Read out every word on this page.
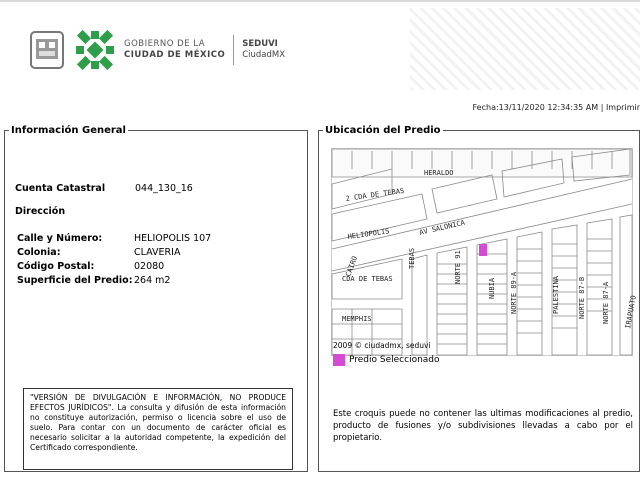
GOBIERNO DE LA
CIUDAD DE MÉXICO
SEDUVI
CiudadMX
Fecha:13/11/2020 12:34:35 AM | Imprimir
Información General
Cuenta Catastral	044_130_16
Dirección
Calle y Número:	HELIOPOLIS 107
Colonia:	CLAVERIA
Código Postal:	02080
Superficie del Predio: 264 m2
"VERSIÓN DE DIVULGACIÓN E INFORMACIÓN, NO PRODUCE EFECTOS JURÍDICOS". La consulta y difusión de esta información no constituye autorización, permiso o licencia sobre el uso de suelo. Para contar con un documento de carácter oficial es necesario solicitar a la autoridad competente, la expedición del Certificado correspondiente.
Ubicación del Predio
HERALDO
2 CDA DE TEBAS
HELIOPOLIS	AV SALONICA
TEBAS
CAIRO	NORTE 91
NUBIA NORTE 89-A	PALESTINA	NORTE 87-B NORTE 87-A IRAPUATO
CDA DE TEBAS
MEMPHIS
2009 © ciudadmx, seduvi
Predio Seleccionado
Este croquis puede no contener las ultimas modificaciones al predio, producto de fusiones y/o subdivisiones llevadas a cabo por el propietario.
